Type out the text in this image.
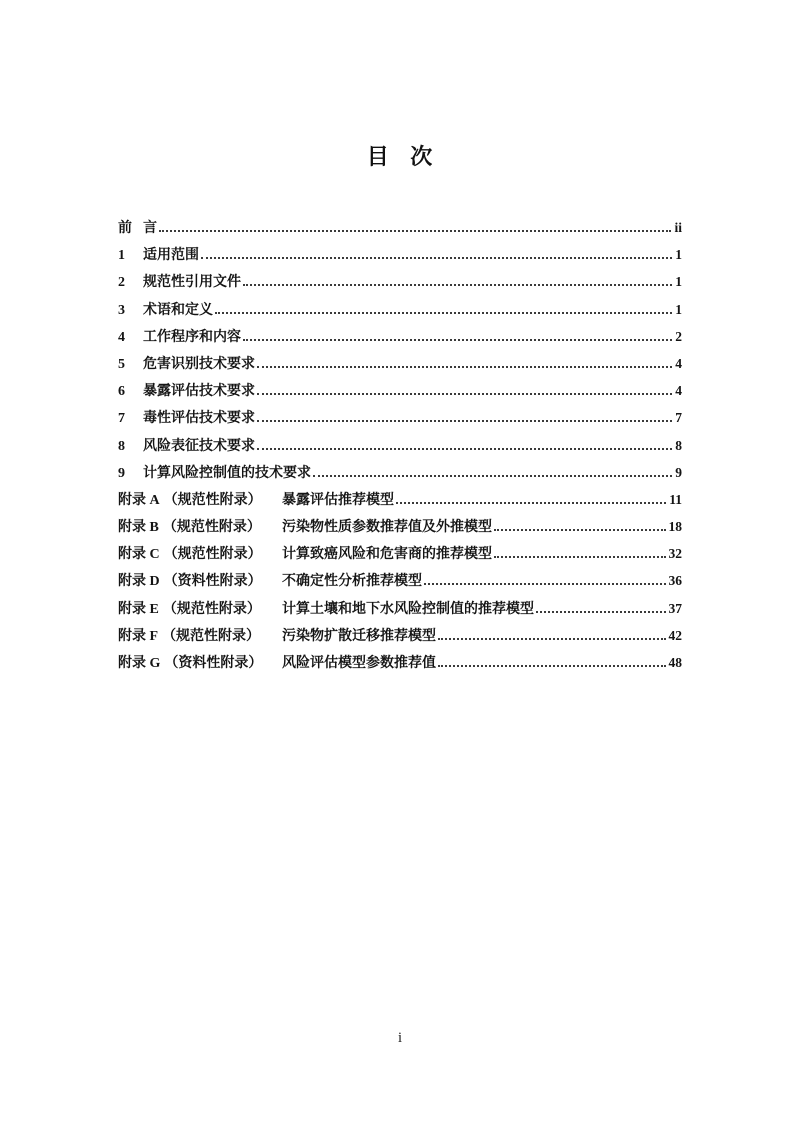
目 次
前 言	ii
1	适用范围	1
2	规范性引用文件	1
3	术语和定义	1
4	工作程序和内容	2
5	危害识别技术要求	4
6	暴露评估技术要求	4
7	毒性评估技术要求	7
8	风险表征技术要求	8
9	计算风险控制值的技术要求	9
附录 A （规范性附录） 暴露评估推荐模型	11
附录 B （规范性附录） 污染物性质参数推荐值及外推模型	18
附录 C （规范性附录） 计算致癌风险和危害商的推荐模型	32
附录 D （资料性附录） 不确定性分析推荐模型	36
附录 E （规范性附录） 计算土壤和地下水风险控制值的推荐模型	37
附录 F （规范性附录） 污染物扩散迁移推荐模型	42
附录 G （资料性附录） 风险评估模型参数推荐值	48
i
